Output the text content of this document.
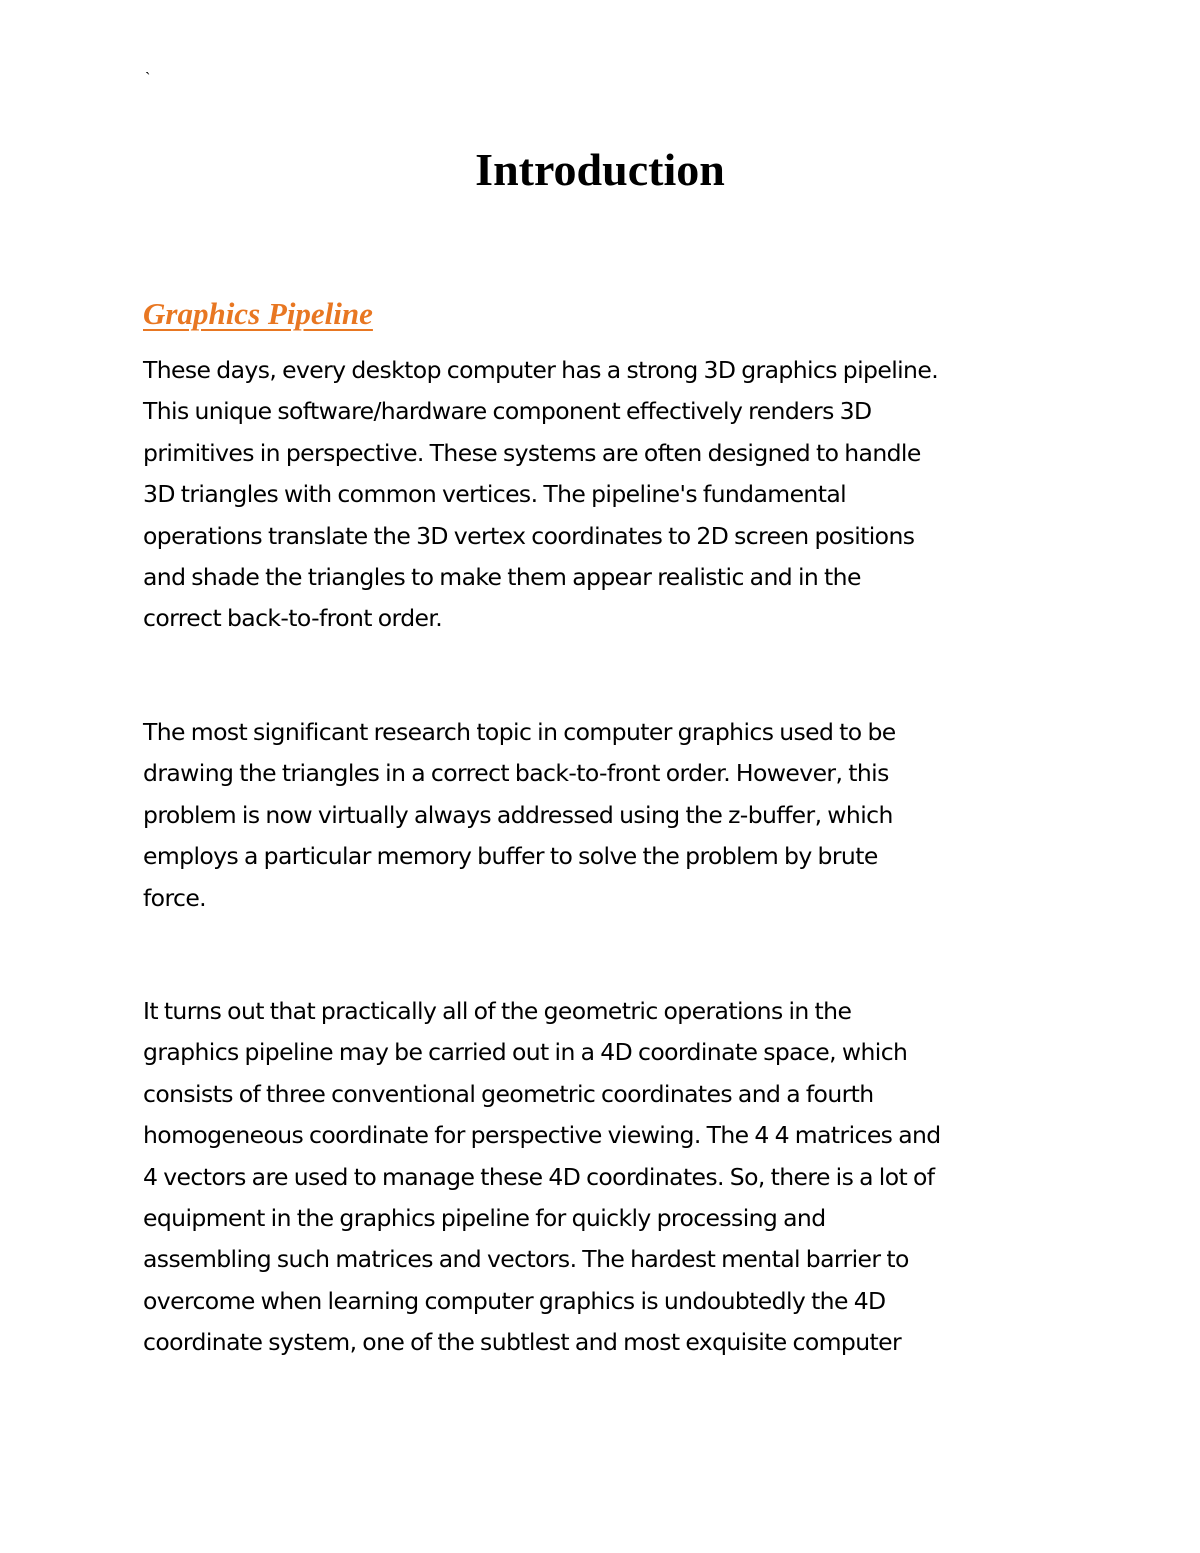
`
Introduction
Graphics Pipeline

These days, every desktop computer has a strong 3D graphics pipeline.
This unique software/hardware component effectively renders 3D
primitives in perspective. These systems are often designed to handle
3D triangles with common vertices. The pipeline's fundamental
operations translate the 3D vertex coordinates to 2D screen positions
and shade the triangles to make them appear realistic and in the
correct back-to-front order.

The most significant research topic in computer graphics used to be
drawing the triangles in a correct back-to-front order. However, this
problem is now virtually always addressed using the z-buffer, which
employs a particular memory buffer to solve the problem by brute
force.

It turns out that practically all of the geometric operations in the
graphics pipeline may be carried out in a 4D coordinate space, which
consists of three conventional geometric coordinates and a fourth
homogeneous coordinate for perspective viewing. The 4 4 matrices and
4 vectors are used to manage these 4D coordinates. So, there is a lot of
equipment in the graphics pipeline for quickly processing and
assembling such matrices and vectors. The hardest mental barrier to
overcome when learning computer graphics is undoubtedly the 4D
coordinate system, one of the subtlest and most exquisite computer
